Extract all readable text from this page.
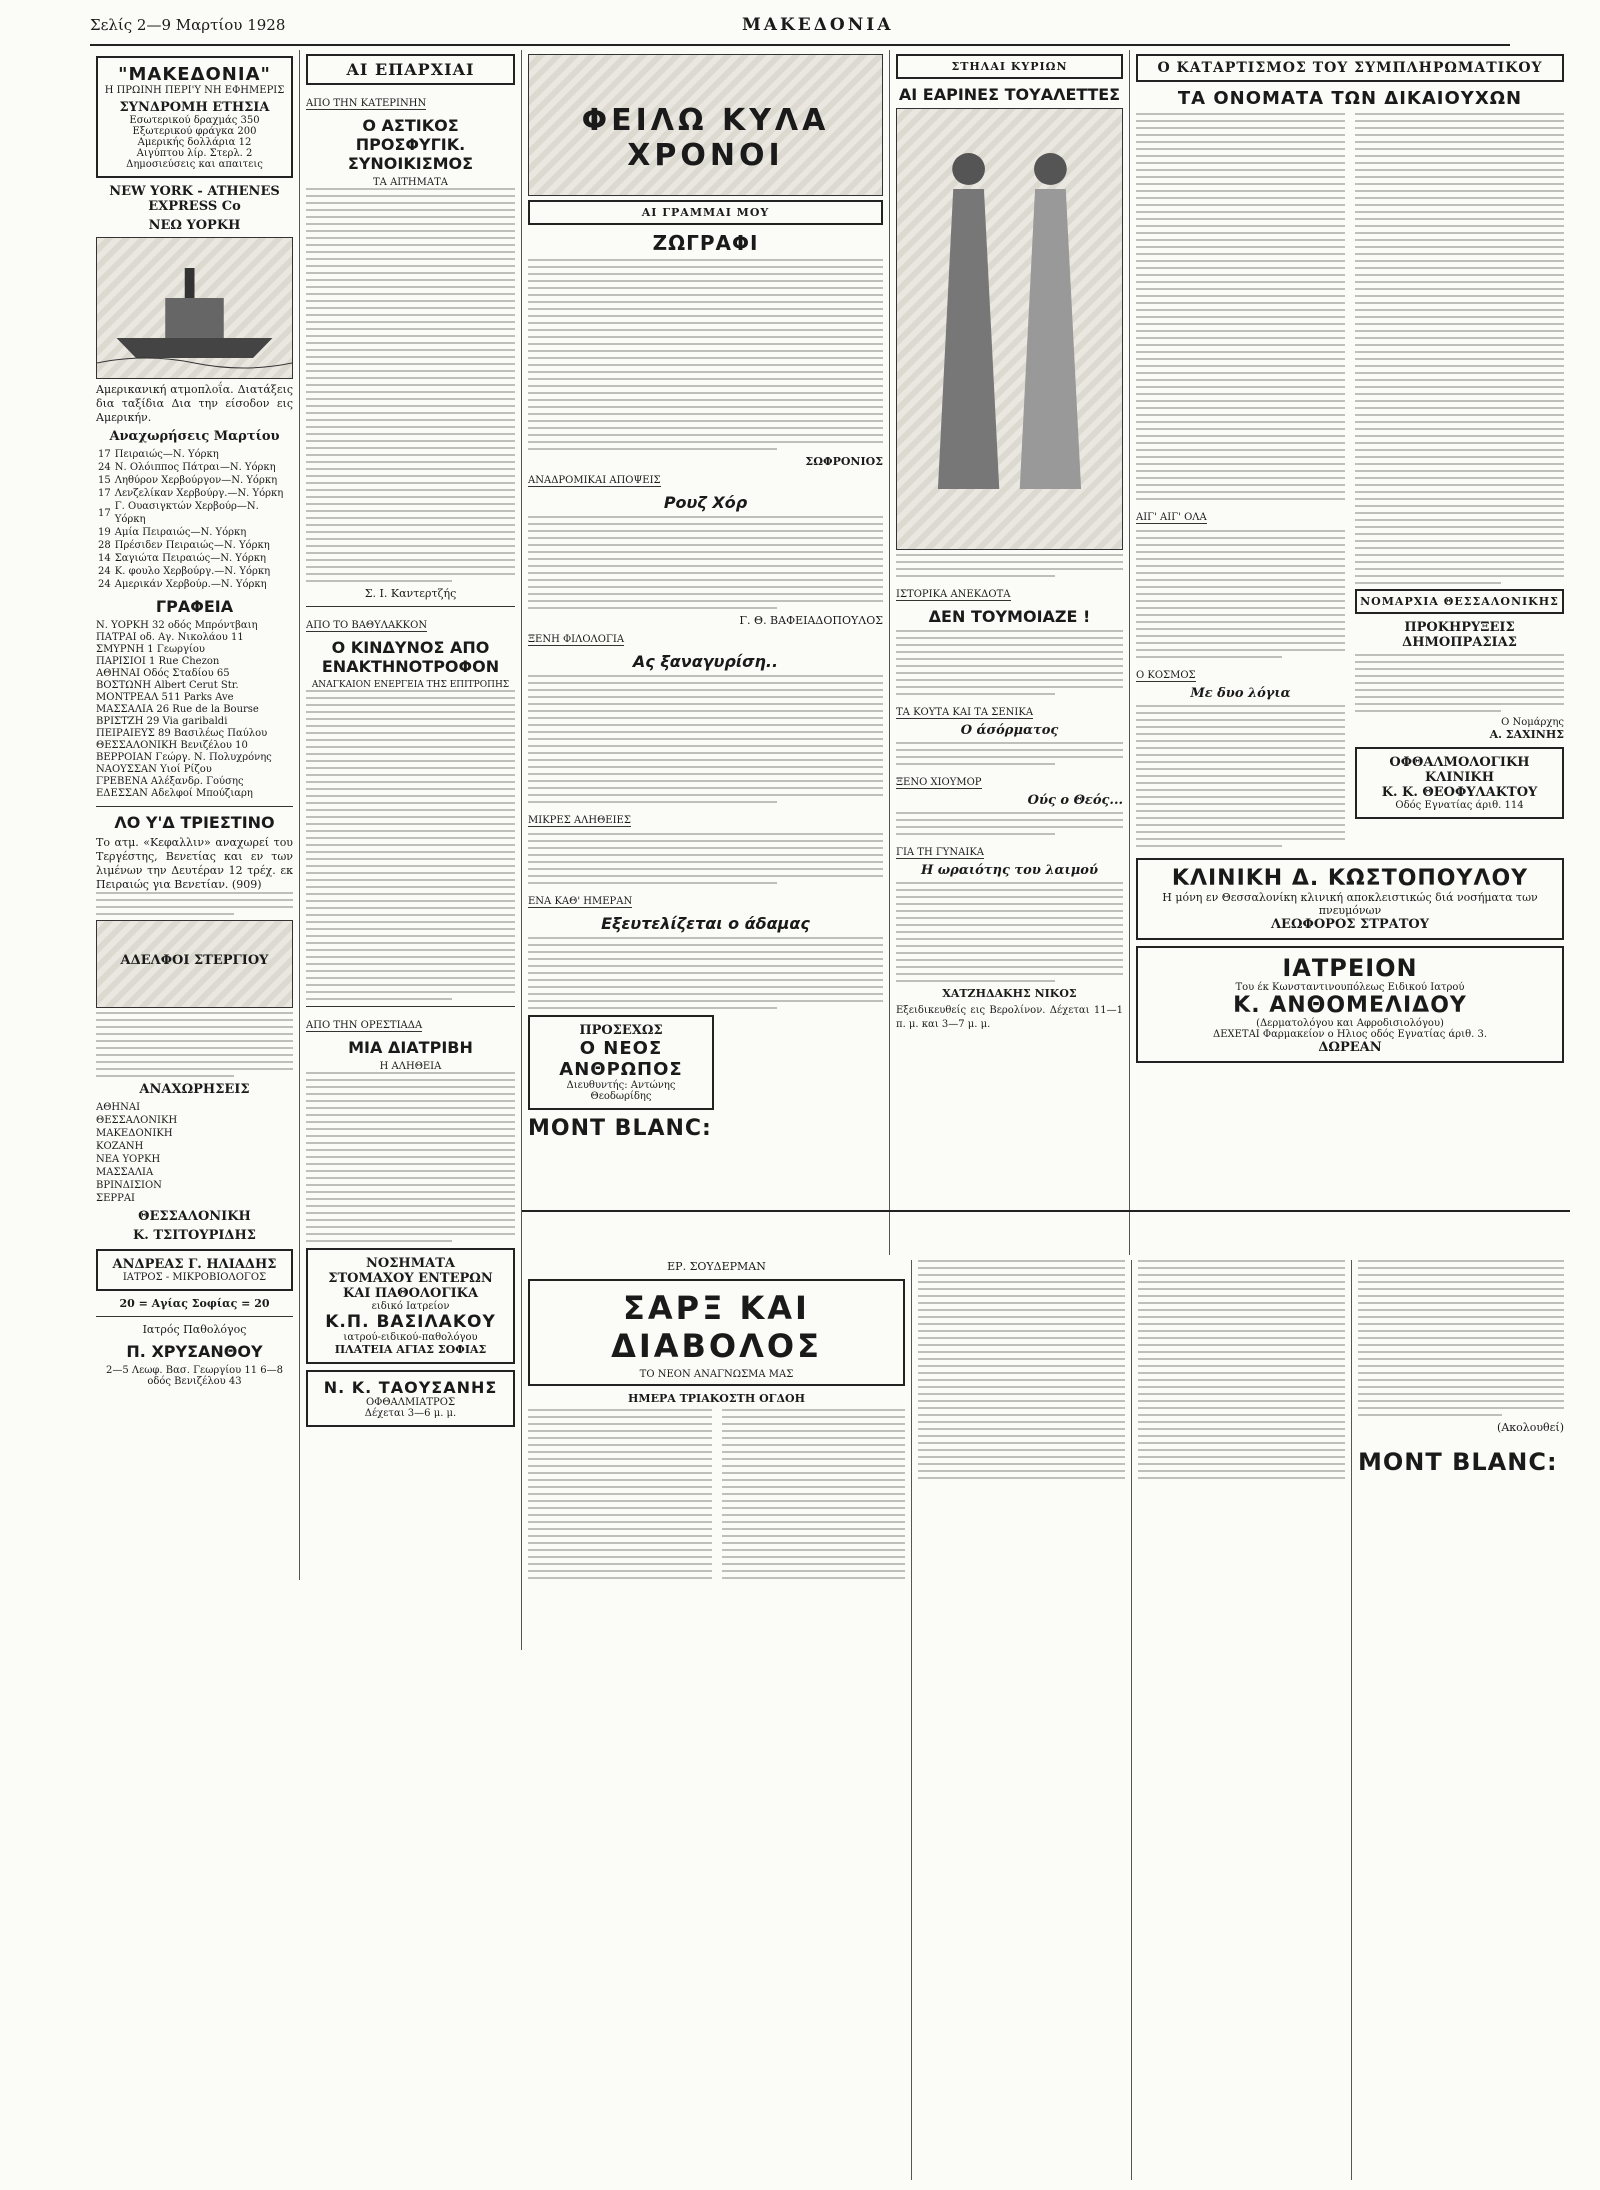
Σελίς 2—9 Μαρτίου 1928	ΜΑΚΕΔΟΝΙΑ
"ΜΑΚΕΔΟΝΙΑ"
Η ΠΡΩΙΝΗ ΠΕΡΙ'Υ ΝΗ ΕΦΗΜΕΡΙΣ
ΣΥΝΔΡΟΜΗ ΕΤΗΣΙΑ
Εσωτερικού δραχμάς 350
Εξωτερικού φράγκα 200
Αμερικής δολλάρια 12
Αιγύπτου λίρ. Στερλ. 2
Δημοσιεύσεις και απαιτεις
NEW YORK - ATHENES EXPRESS Co
ΝΕΩ ΥΟΡΚΗ
Αμερικανική ατμοπλοΐα. Διατάξεις δια ταξίδια Δια την είσοδον εις Αμερικήν.
Αναχωρήσεις Μαρτίου
17	Πειραιώς—Ν. Υόρκη
24	Ν. Ολόιππος Πάτραι—Ν. Υόρκη
15	Ληθύρον Χερβούργον—Ν. Υόρκη
17	Λενζελίκαν Χερβούργ.—Ν. Υόρκη
17	Γ. Ουασιγκτών Χερβούρ—Ν. Υόρκη
19	Αμία Πειραιώς—Ν. Υόρκη
28	Πρέσιδεν Πειραιώς—Ν. Υόρκη
14	Σαγιώτα Πειραιώς—Ν. Υόρκη
24	Κ. φουλο Χερβούργ.—Ν. Υόρκη
24	Αμερικάν Χερβούρ.—Ν. Υόρκη
ΓΡΑΦΕΙΑ
Ν. ΥΟΡΚΗ 32 οδός Μπρόντβαιη
ΠΑΤΡΑΙ οδ. Αγ. Νικολάου 11
ΣΜΥΡΝΗ 1 Γεωργίου
ΠΑΡΙΣΙΟΙ 1 Rue Chezon
ΑΘΗΝΑΙ Οδός Σταδίου 65
ΒΟΣΤΩΝΗ Albert Cerut Str.
ΜΟΝΤΡΕΑΛ 511 Parks Ave
ΜΑΣΣΑΛΙΑ 26 Rue de la Bourse
ΒΡΙΣΤΖΗ 29 Via garibaldi
ΠΕΙΡΑΙΕΥΣ 89 Βασιλέως Παύλου
ΘΕΣΣΑΛΟΝΙΚΗ Βενιζέλου 10
ΒΕΡΡΟΙΑΝ Γεώργ. Ν. Πολυχρόνης
ΝΑΟΥΣΣΑΝ Υιοί Ρίζου
ΓΡΕΒΕΝΑ Αλέξανδρ. Γούσης
ΕΔΕΣΣΑΝ Αδελφοί Μπούζιαρη
ΛΟ Υ'Δ ΤΡΙΕΣΤΙΝΟ
Το ατμ. «Κεφαλλιν» αναχωρεί του Τεργέστης, Βενετίας και εν των λιμένων την Δευτέραν 12 τρέχ. εκ Πειραιώς για Βενετίαν. (909)
ΑΔΕΛΦΟΙ ΣΤΕΡΓΙΟΥ
ΑΝΑΧΩΡΗΣΕΙΣ
ΑΘΗΝΑΙ
ΘΕΣΣΑΛΟΝΙΚΗ
ΜΑΚΕΔΟΝΙΚΗ
ΚΟΖΑΝΗ
ΝΕΑ ΥΟΡΚΗ
ΜΑΣΣΑΛΙΑ
ΒΡΙΝΔΙΣΙΟΝ
ΣΕΡΡΑΙ
ΘΕΣΣΑΛΟΝΙΚΗ
Κ. ΤΣΙΤΟΥΡΙΔΗΣ
ΑΝΔΡΕΑΣ Γ. ΗΛΙΑΔΗΣ
ΙΑΤΡΟΣ - ΜΙΚΡΟΒΙΟΛΟΓΟΣ
20 = Αγίας Σοφίας = 20
Ιατρός Παθολόγος
Π. ΧΡΥΣΑΝΘΟΥ
2—5 Λεωφ. Βασ. Γεωργίου 11 6—8 οδός Βενιζέλου 43
ΑΙ ΕΠΑΡΧΙΑΙ
ΑΠΟ ΤΗΝ ΚΑΤΕΡΙΝΗΝ
Ο ΑΣΤΙΚΟΣ ΠΡΟΣΦΥΓΙΚ. ΣΥΝΟΙΚΙΣΜΟΣ
ΤΑ ΑΙΤΗΜΑΤΑ
Σ. Ι. Καντερτζής
ΑΠΟ ΤΟ ΒΑΘΥΛΑΚΚΟΝ
Ο ΚΙΝΔΥΝΟΣ ΑΠΟ ΕΝΑΚΤΗΝΟΤΡΟΦΟΝ
ΑΝΑΓΚΑΙΟΝ ΕΝΕΡΓΕΙΑ ΤΗΣ ΕΠΙΤΡΟΠΗΣ
ΑΠΟ ΤΗΝ ΟΡΕΣΤΙΑΔΑ
ΜΙΑ ΔΙΑΤΡΙΒΗ
Η ΑΛΗΘΕΙΑ
ΝΟΣΗΜΑΤΑ
ΣΤΟΜΑΧΟΥ ΕΝΤΕΡΩΝ
ΚΑΙ ΠΑΘΟΛΟΓΙΚΑ
ειδικό Ιατρείον
Κ.Π. ΒΑΣΙΛΑΚΟΥ
ιατρού-ειδικού-παθολόγου
ΠΛΑΤΕΙΑ ΑΓΙΑΣ ΣΟΦΙΑΣ
Ν. Κ. ΤΑΟΥΣΑΝΗΣ
ΟΦΘΑΛΜΙΑΤΡΟΣ
Δέχεται 3—6 μ. μ.
ΦΕΙΛΩ ΚΥΛΑ ΧΡΟΝΟΙ
ΑΙ ΓΡΑΜΜΑΙ ΜΟΥ
ΖΩΓΡΑΦΙ
ΣΩΦΡΟΝΙΟΣ
ΑΝΑΔΡΟΜΙΚΑΙ ΑΠΟΨΕΙΣ
Ρουζ Χόρ
Γ. Θ. ΒΑΦΕΙΑΔΟΠΟΥΛΟΣ
ΞΕΝΗ ΦΙΛΟΛΟΓΙΑ
Ας ξαναγυρίση..
ΜΙΚΡΕΣ ΑΛΗΘΕΙΕΣ
ΕΝΑ ΚΑΘ' ΗΜΕΡΑΝ
Εξευτελίζεται ο άδαμας
ΠΡΟΣΕΧΩΣ
Ο ΝΕΟΣ ΑΝΘΡΩΠΟΣ
Διευθυντής: Αντώνης Θεοδωρίδης
MONT BLANC:
ΣΤΗΛΑΙ ΚΥΡΙΩΝ
ΑΙ ΕΑΡΙΝΕΣ ΤΟΥΑΛΕΤΤΕΣ
ΙΣΤΟΡΙΚΑ ΑΝΕΚΔΟΤΑ
ΔΕΝ ΤΟΥΜΟΙΑΖΕ !
ΤΑ ΚΟΥΤΑ ΚΑΙ ΤΑ ΣΕΝΙΚΑ
Ο άσόρματος
ΞΕΝΟ ΧΙΟΥΜΟΡ
Ούς ο Θεός...
ΓΙΑ ΤΗ ΓΥΝΑΙΚΑ
Η ωραιότης του λαιμού
ΧΑΤΖΗΔΑΚΗΣ ΝΙΚΟΣ
Εξειδικευθείς εις Βερολίνον. Δέχεται 11—1 π. μ. και 3—7 μ. μ.
Ο ΚΑΤΑΡΤΙΣΜΟΣ ΤΟΥ ΣΥΜΠΛΗΡΩΜΑΤΙΚΟΥ
ΤΑ ΟΝΟΜΑΤΑ ΤΩΝ ΔΙΚΑΙΟΥΧΩΝ
ΑΙΓ' ΑΙΓ' ΟΛΑ
Ο ΚΟΣΜΟΣ
Με δυο λόγια
ΝΟΜΑΡΧΙΑ ΘΕΣΣΑΛΟΝΙΚΗΣ
ΠΡΟΚΗΡΥΞΕΙΣ ΔΗΜΟΠΡΑΣΙΑΣ
Ο Νομάρχης
Α. ΣΑΧΙΝΗΣ
ΟΦΘΑΛΜΟΛΟΓΙΚΗ
ΚΛΙΝΙΚΗ
Κ. Κ. ΘΕΟΦΥΛΑΚΤΟΥ
Οδός Εγνατίας άριθ. 114
ΚΛΙΝΙΚΗ Δ. ΚΩΣΤΟΠΟΥΛΟΥ
Η μόνη εν Θεσσαλονίκη κλινική αποκλειστικώς διά νοσήματα των πνευμόνων
ΛΕΩΦΟΡΟΣ ΣΤΡΑΤΟΥ
ΙΑΤΡΕΙΟΝ
Του έκ Κωνσταντινουπόλεως Ειδικού Ιατρού
Κ. ΑΝΘΟΜΕΛΙΔΟΥ
(Δερματολόγου και Αφροδισιολόγου)
ΔΕΧΕΤΑΙ Φαρμακείον ο Ηλιος οδός Εγνατίας άριθ. 3.
ΔΩΡΕΑΝ
ΕΡ. ΣΟΥΔΕΡΜΑΝ
ΣΑΡΞ ΚΑΙ ΔΙΑΒΟΛΟΣ
ΤΟ ΝΕΟΝ ΑΝΑΓΝΩΣΜΑ ΜΑΣ
ΗΜΕΡΑ ΤΡΙΑΚΟΣΤΗ ΟΓΔΟΗ
(Ακολουθεί)
MONT BLANC:
